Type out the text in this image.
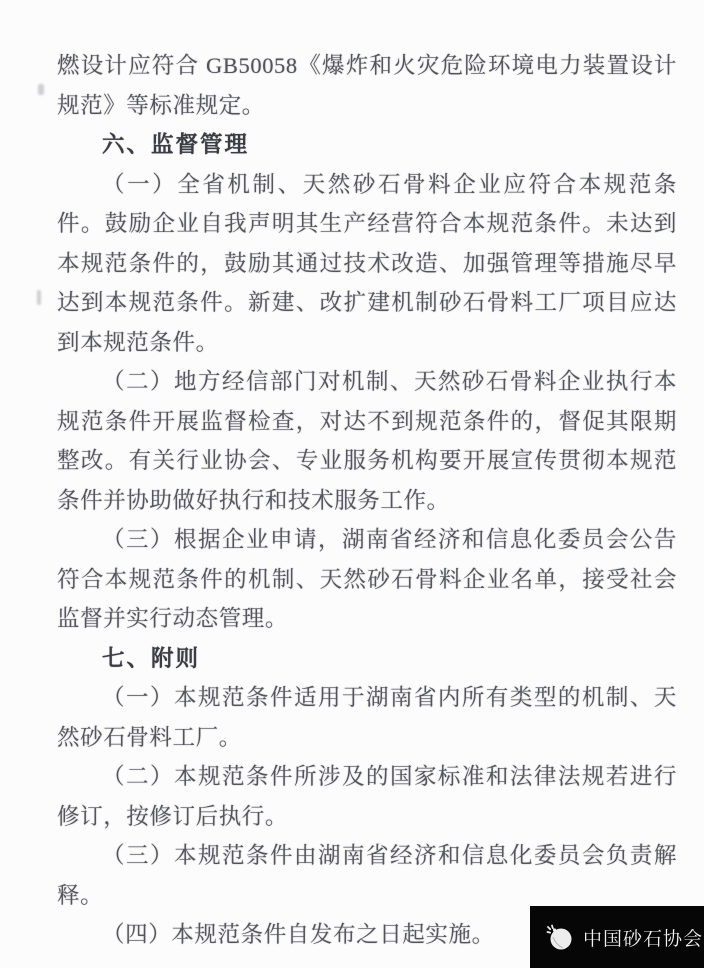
燃设计应符合 GB50058《爆炸和火灾危险环境电力装置设计规范》等标准规定。

六、监督管理

（一）全省机制、天然砂石骨料企业应符合本规范条件。鼓励企业自我声明其生产经营符合本规范条件。未达到本规范条件的，鼓励其通过技术改造、加强管理等措施尽早达到本规范条件。新建、改扩建机制砂石骨料工厂项目应达到本规范条件。

（二）地方经信部门对机制、天然砂石骨料企业执行本规范条件开展监督检查，对达不到规范条件的，督促其限期整改。有关行业协会、专业服务机构要开展宣传贯彻本规范条件并协助做好执行和技术服务工作。

（三）根据企业申请，湖南省经济和信息化委员会公告符合本规范条件的机制、天然砂石骨料企业名单，接受社会监督并实行动态管理。

七、附则

（一）本规范条件适用于湖南省内所有类型的机制、天然砂石骨料工厂。

（二）本规范条件所涉及的国家标准和法律法规若进行修订，按修订后执行。

（三）本规范条件由湖南省经济和信息化委员会负责解释。

（四）本规范条件自发布之日起实施。	中国砂石协会
